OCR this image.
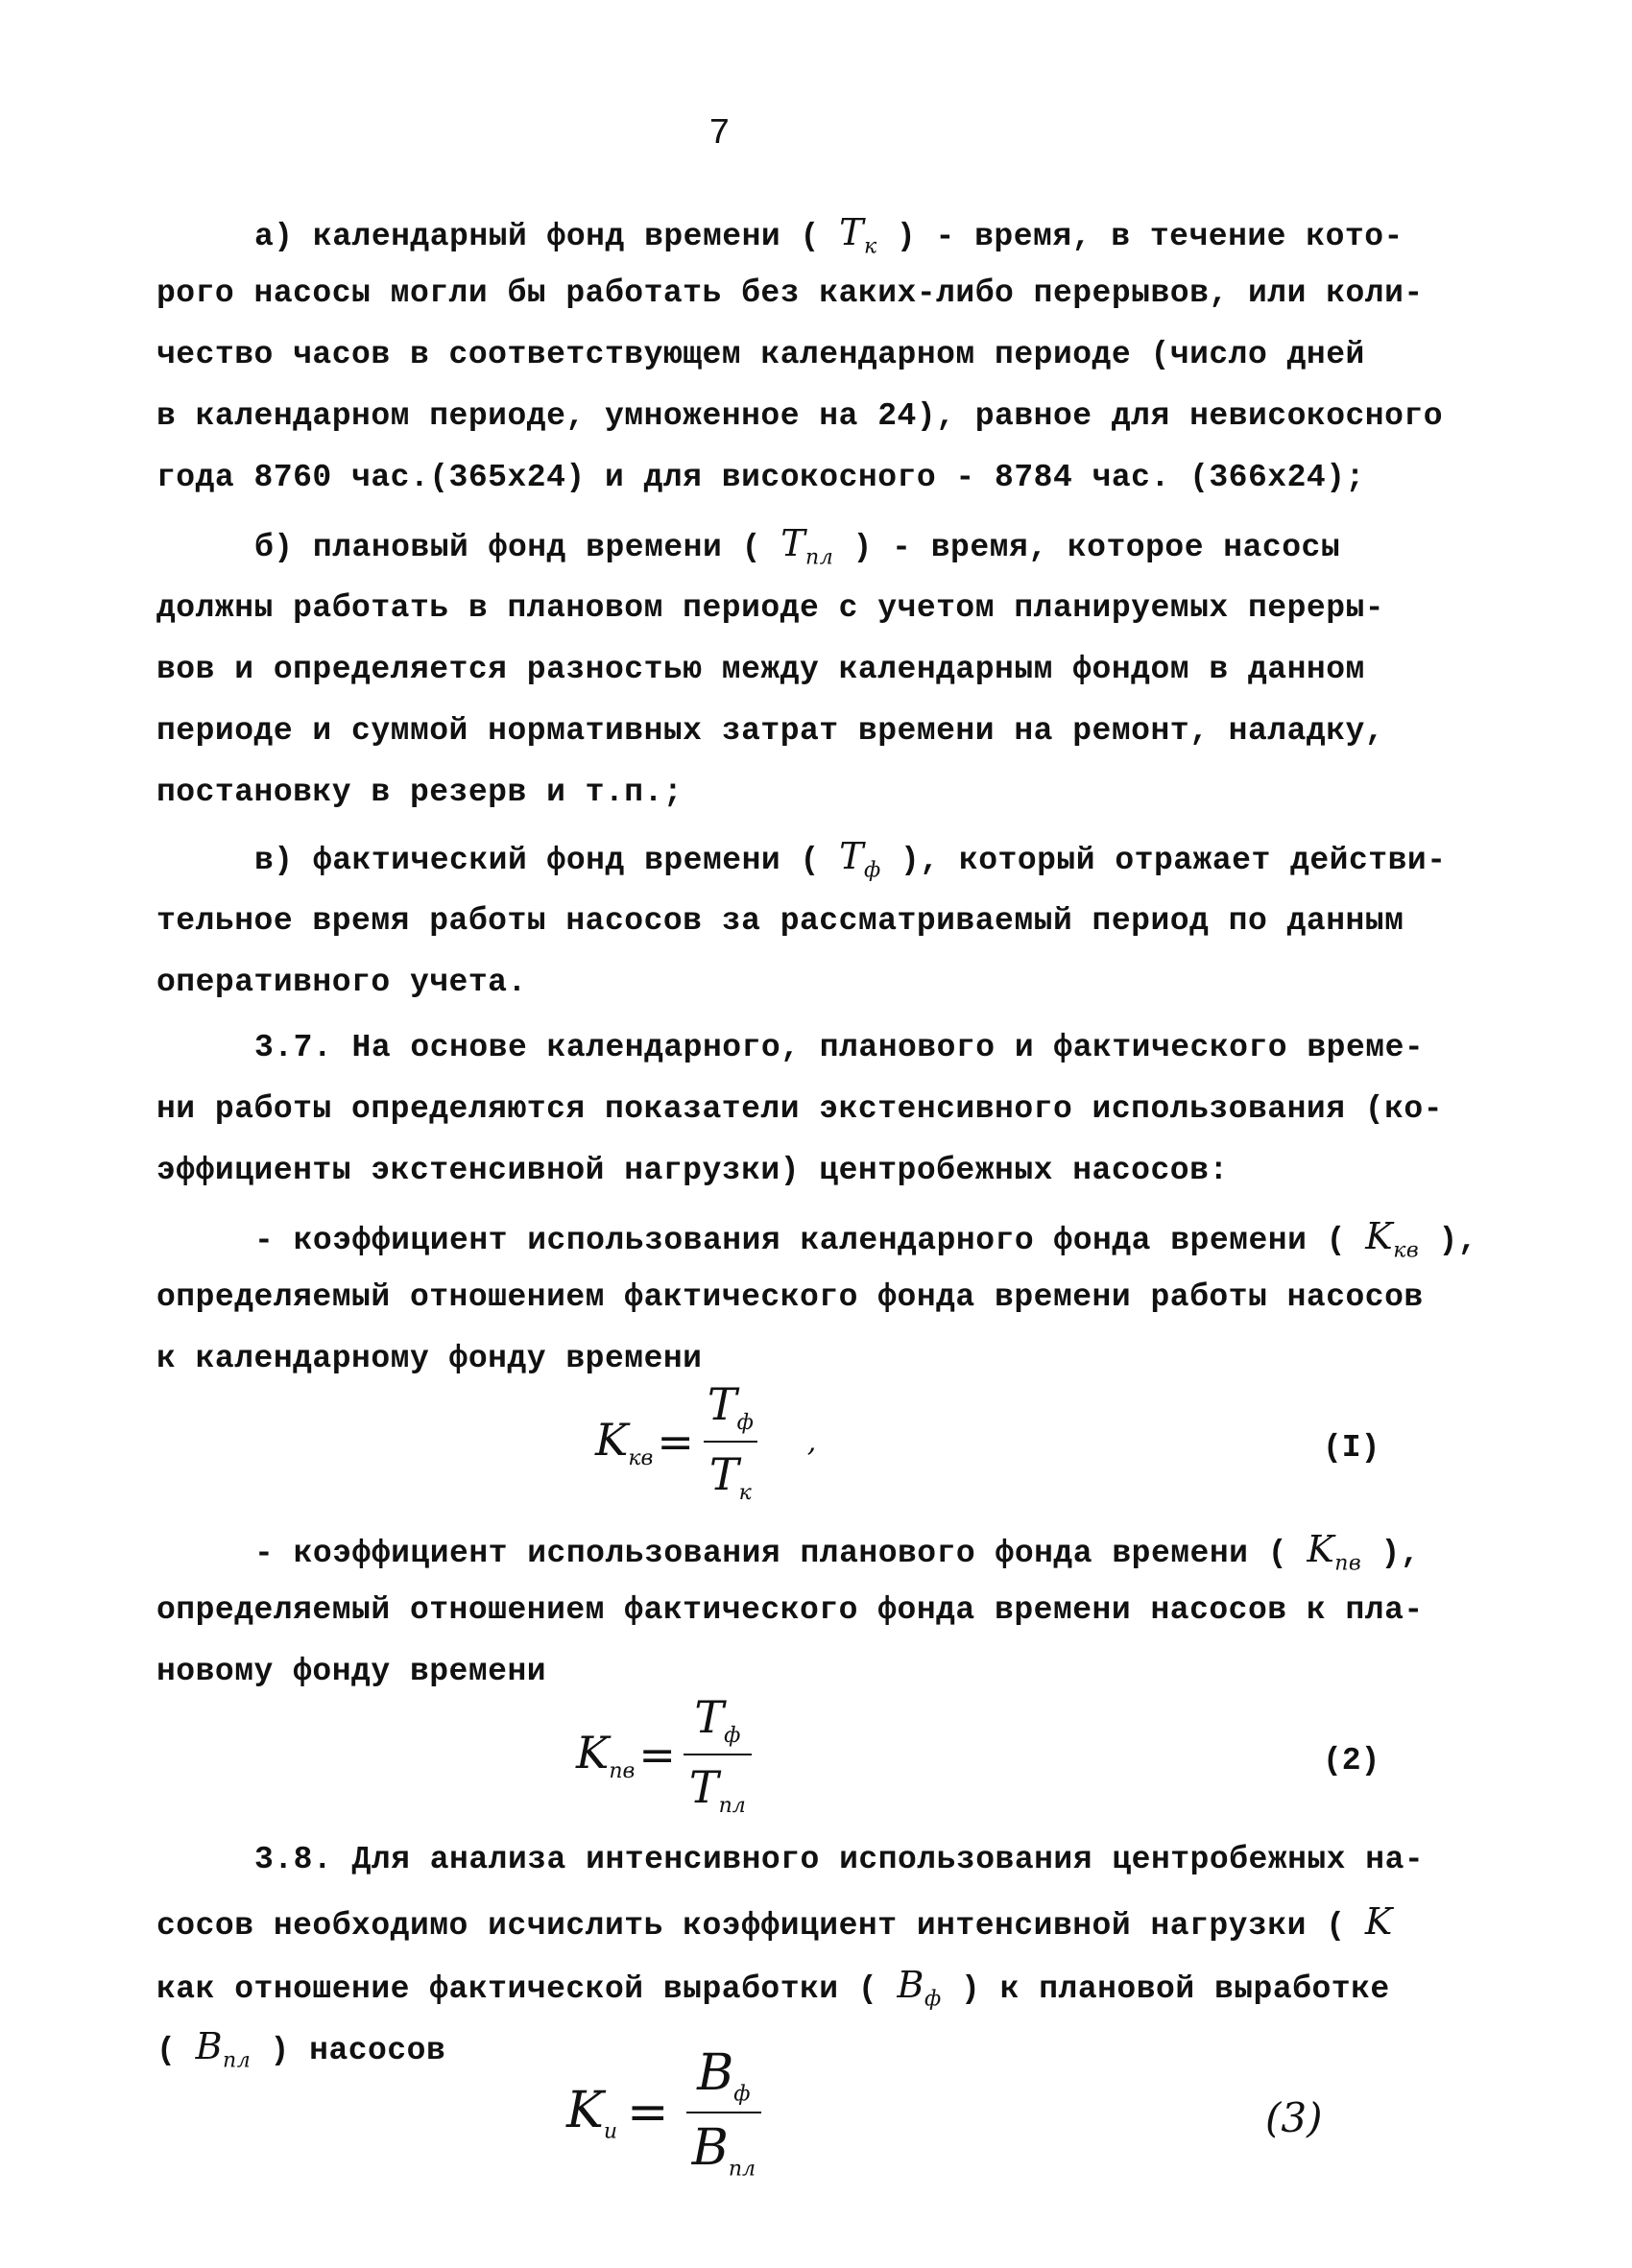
7
а) календарный фонд времени ( $T_к$ ) - время, в течение кото-
рого насосы могли бы работать без каких-либо перерывов, или коли-
чество часов в соответствующем календарном периоде (число дней
в календарном периоде, умноженное на 24), равное для невисокосного
года 8760 час.(365x24) и для високосного - 8784 час. (366x24);
б) плановый фонд времени ( $T_{пл}$ ) - время, которое насосы
должны работать в плановом периоде с учетом планируемых переры-
вов и определяется разностью между календарным фондом в данном
периоде и суммой нормативных затрат времени на ремонт, наладку,
постановку в резерв и т.п.;
в) фактический фонд времени ( $T_ф$ ), который отражает действи-
тельное время работы насосов за рассматриваемый период по данным
оперативного учета.
3.7. На основе календарного, планового и фактического време-
ни работы определяются показатели экстенсивного использования (ко-
эффициенты экстенсивной нагрузки) центробежных насосов:
- коэффициент использования календарного фонда времени ( $K_{кв}$ ),
определяемый отношением фактического фонда времени работы насосов
к календарному фонду времени
$K_{кв} = \frac{T_ф}{T_к}$ ,	(I)
- коэффициент использования планового фонда времени ( $K_{пв}$ ),
определяемый отношением фактического фонда времени насосов к пла-
новому фонду времени
$K_{пв} = \frac{T_ф}{T_{пл}}$	(2)
3.8. Для анализа интенсивного использования центробежных на-
сосов необходимо исчислить коэффициент интенсивной нагрузки ( K
как отношение фактической выработки ( $B_ф$ ) к плановой выработке
( $B_{пл}$ ) насосов
$K_и = \frac{B_ф}{B_{пл}}$	(3)
